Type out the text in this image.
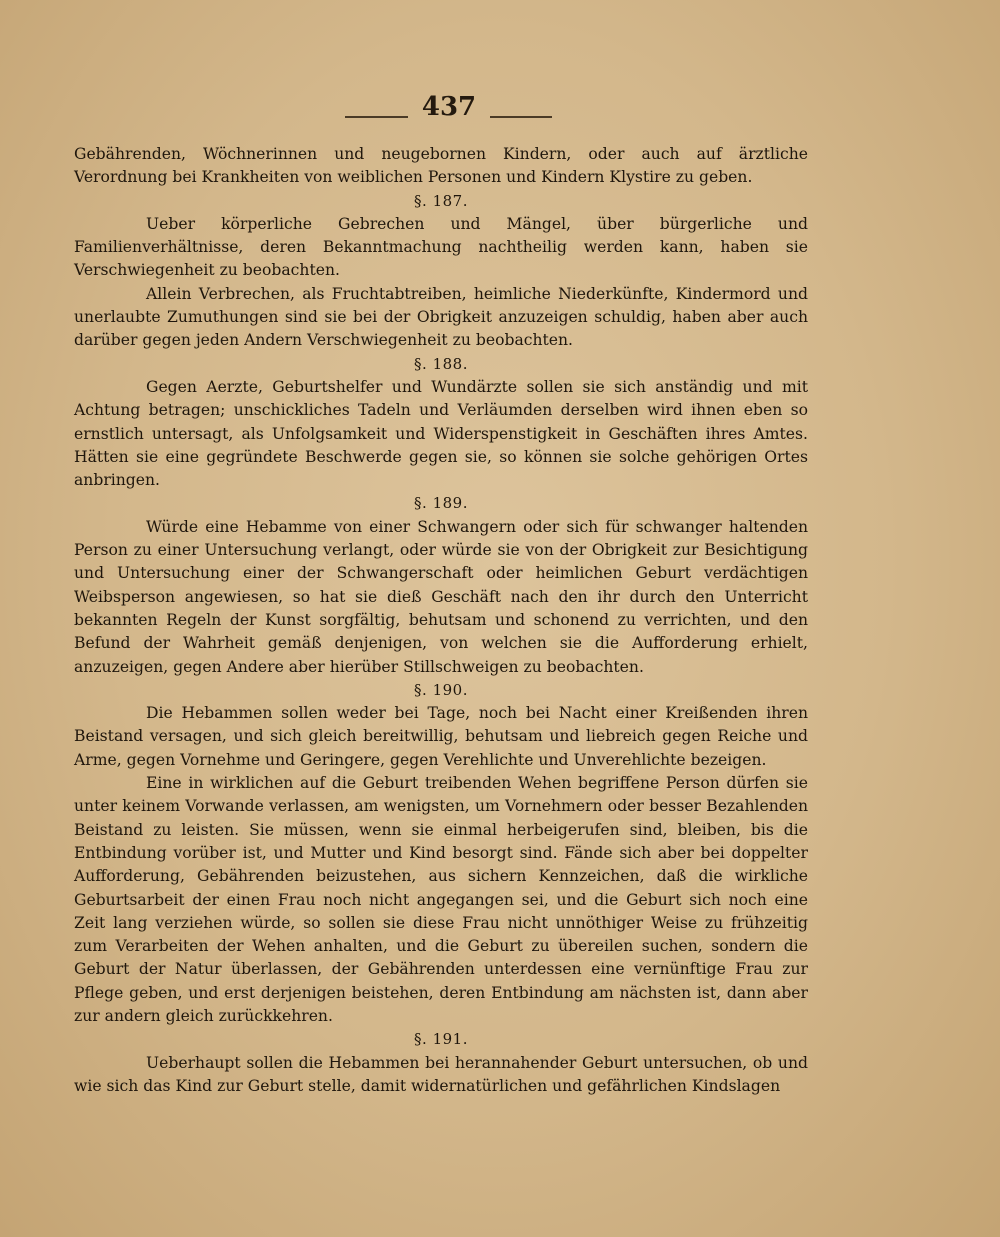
437

Gebährenden, Wöchnerinnen und neugebornen Kindern, oder auch auf ärztliche Verordnung bei Krankheiten von weiblichen Personen und Kindern Klystire zu geben.

§. 187.

Ueber körperliche Gebrechen und Mängel, über bürgerliche und Familienverhältnisse, deren Bekanntmachung nachtheilig werden kann, haben sie Verschwiegenheit zu beobachten.

Allein Verbrechen, als Fruchtabtreiben, heimliche Niederkünfte, Kindermord und unerlaubte Zumuthungen sind sie bei der Obrigkeit anzuzeigen schuldig, haben aber auch darüber gegen jeden Andern Verschwiegenheit zu beobachten.

§. 188.

Gegen Aerzte, Geburtshelfer und Wundärzte sollen sie sich anständig und mit Achtung betragen; unschickliches Tadeln und Verläumden derselben wird ihnen eben so ernstlich untersagt, als Unfolgsamkeit und Widerspenstigkeit in Geschäften ihres Amtes. Hätten sie eine gegründete Beschwerde gegen sie, so können sie solche gehörigen Ortes anbringen.

§. 189.

Würde eine Hebamme von einer Schwangern oder sich für schwanger haltenden Person zu einer Untersuchung verlangt, oder würde sie von der Obrigkeit zur Besichtigung und Untersuchung einer der Schwangerschaft oder heimlichen Geburt verdächtigen Weibsperson angewiesen, so hat sie dieß Geschäft nach den ihr durch den Unterricht bekannten Regeln der Kunst sorgfältig, behutsam und schonend zu verrichten, und den Befund der Wahrheit gemäß denjenigen, von welchen sie die Aufforderung erhielt, anzuzeigen, gegen Andere aber hierüber Stillschweigen zu beobachten.

§. 190.

Die Hebammen sollen weder bei Tage, noch bei Nacht einer Kreißenden ihren Beistand versagen, und sich gleich bereitwillig, behutsam und liebreich gegen Reiche und Arme, gegen Vornehme und Geringere, gegen Verehlichte und Unverehlichte bezeigen.

Eine in wirklichen auf die Geburt treibenden Wehen begriffene Person dürfen sie unter keinem Vorwande verlassen, am wenigsten, um Vornehmern oder besser Bezahlenden Beistand zu leisten. Sie müssen, wenn sie einmal herbeigerufen sind, bleiben, bis die Entbindung vorüber ist, und Mutter und Kind besorgt sind. Fände sich aber bei doppelter Aufforderung, Gebährenden beizustehen, aus sichern Kennzeichen, daß die wirkliche Geburtsarbeit der einen Frau noch nicht angegangen sei, und die Geburt sich noch eine Zeit lang verziehen würde, so sollen sie diese Frau nicht unnöthiger Weise zu frühzeitig zum Verarbeiten der Wehen anhalten, und die Geburt zu übereilen suchen, sondern die Geburt der Natur überlassen, der Gebährenden unterdessen eine vernünftige Frau zur Pflege geben, und erst derjenigen beistehen, deren Entbindung am nächsten ist, dann aber zur andern gleich zurückkehren.

§. 191.

Ueberhaupt sollen die Hebammen bei herannahender Geburt untersuchen, ob und wie sich das Kind zur Geburt stelle, damit widernatürlichen und gefährlichen Kindslagen
